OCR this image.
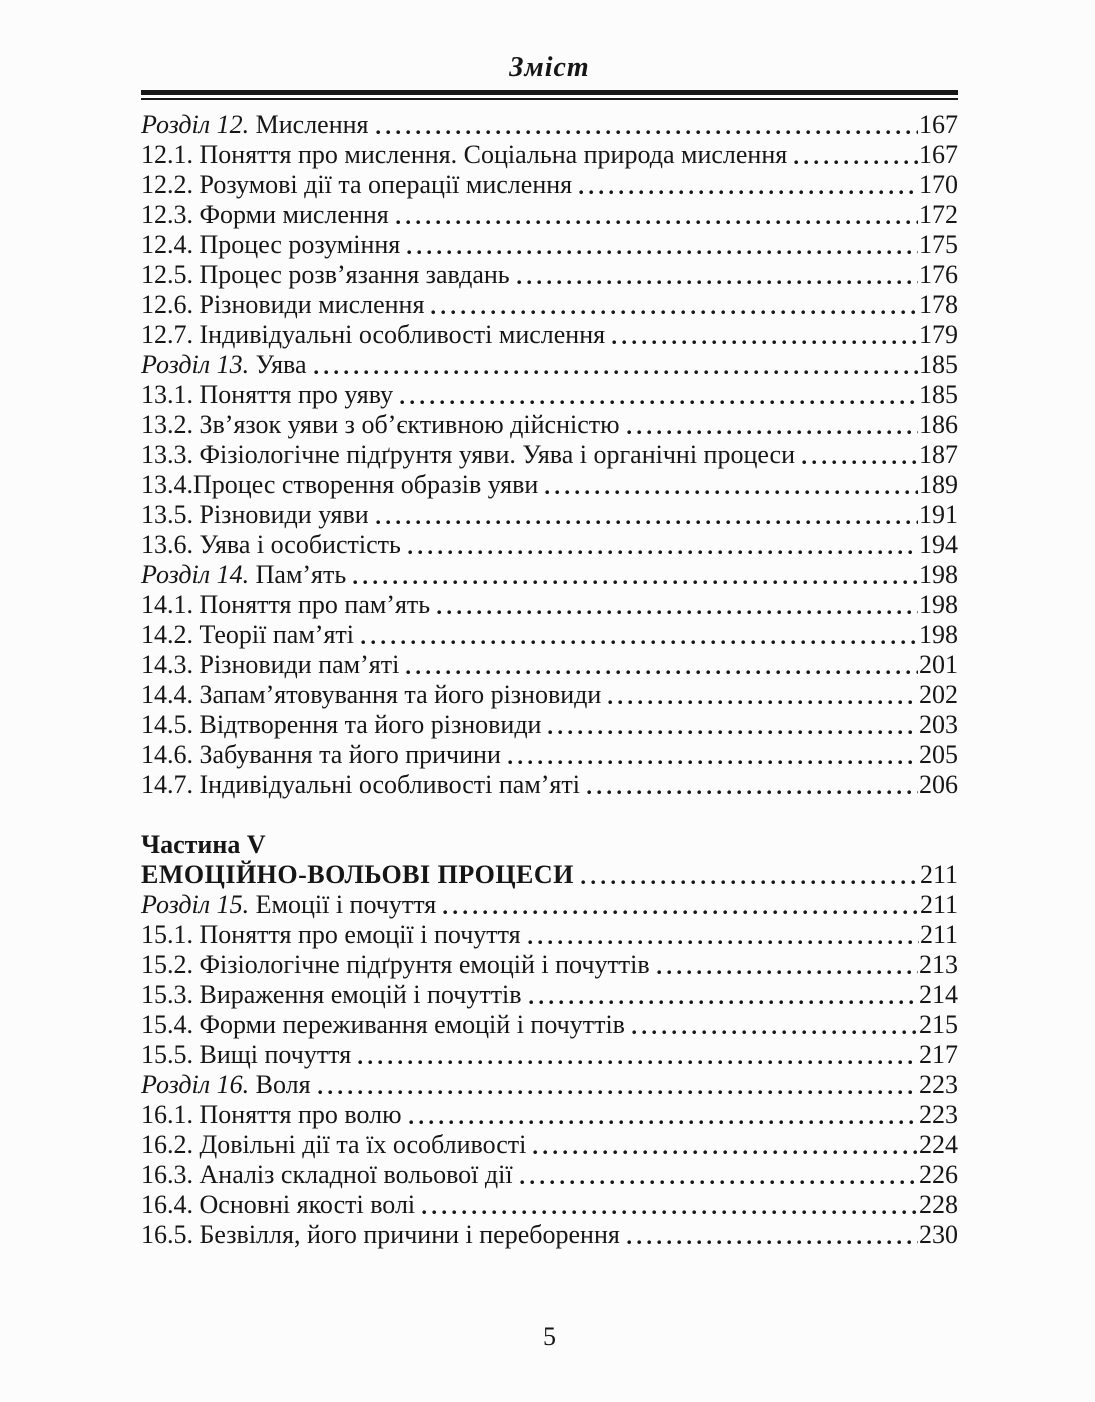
Зміст
Розділ 12. Мислення	167
12.1. Поняття про мислення. Соціальна природа мислення	167
12.2. Розумові дії та операції мислення	170
12.3. Форми мислення	172
12.4. Процес розуміння	175
12.5. Процес розв’язання завдань	176
12.6. Різновиди мислення	178
12.7. Індивідуальні особливості мислення	179
Розділ 13. Уява	185
13.1. Поняття про уяву	185
13.2. Зв’язок уяви з об’єктивною дійсністю	186
13.3. Фізіологічне підґрунтя уяви. Уява і органічні процеси	187
13.4.Процес створення образів уяви	189
13.5. Різновиди уяви	191
13.6. Уява і особистість	194
Розділ 14. Пам’ять	198
14.1. Поняття про пам’ять	198
14.2. Теорії пам’яті	198
14.3. Різновиди пам’яті	201
14.4. Запам’ятовування та його різновиди	202
14.5. Відтворення та його різновиди	203
14.6. Забування та його причини	205
14.7. Індивідуальні особливості пам’яті	206
Частина V
ЕМОЦІЙНО-ВОЛЬОВІ ПРОЦЕСИ	211
Розділ 15. Емоції і почуття	211
15.1. Поняття про емоції і почуття	211
15.2. Фізіологічне підґрунтя емоцій і почуттів	213
15.3. Вираження емоцій і почуттів	214
15.4. Форми переживання емоцій і почуттів	215
15.5. Вищі почуття	217
Розділ 16. Воля	223
16.1. Поняття про волю	223
16.2. Довільні дії та їх особливості	224
16.3. Аналіз складної вольової дії	226
16.4. Основні якості волі	228
16.5. Безвілля, його причини і переборення	230
5
